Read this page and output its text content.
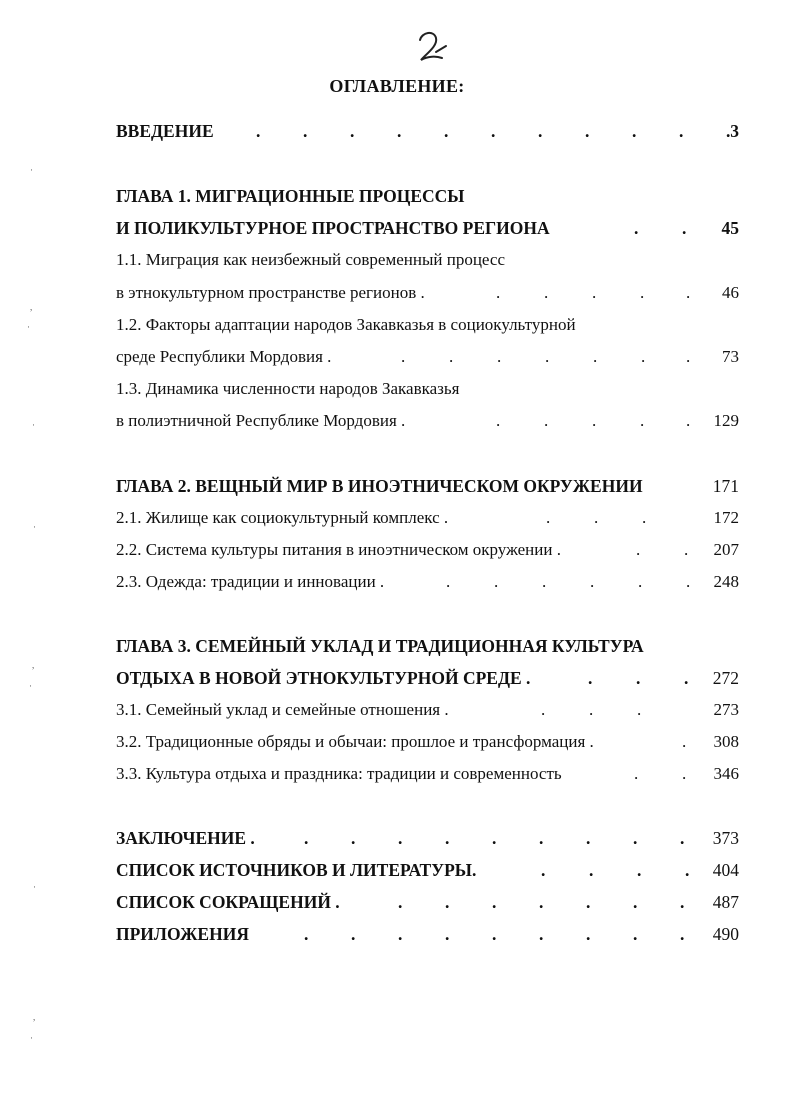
ОГЛАВЛЕНИЕ:
ВВЕДЕНИЕ . . . . . . . . . . . 3
ГЛАВА 1. МИГРАЦИОННЫЕ ПРОЦЕССЫ
И ПОЛИКУЛЬТУРНОЕ ПРОСТРАНСТВО РЕГИОНА	. . 45
1.1. Миграция как неизбежный современный процесс
в этнокультурном пространстве регионов .	.	.	.	. . 46
1.2. Факторы адаптации народов Закавказья в социокультурной
среде Республики Мордовия .	.	.	.	.	.	. . 73
1.3. Динамика численности народов Закавказья
в полиэтничной Республике Мордовия .	.	.	.	. . 129
ГЛАВА 2. ВЕЩНЫЙ МИР В ИНОЭТНИЧЕСКОМ ОКРУЖЕНИИ	171
2.1. Жилище как социокультурный комплекс .	.	.	.	172
2.2. Система культуры питания в иноэтническом окружении .	.	. 207
2.3. Одежда: традиции и инновации .	.	.	.	.	.	. 248
ГЛАВА 3. СЕМЕЙНЫЙ УКЛАД И ТРАДИЦИОННАЯ КУЛЬТУРА
ОТДЫХА В НОВОЙ ЭТНОКУЛЬТУРНОЙ СРЕДЕ .	. . . 272
3.1. Семейный уклад и семейные отношения .	.	.	.	273
3.2. Традиционные обряды и обычаи: прошлое и трансформация .	. 308
3.3. Культура отдыха и праздника: традиции и современность	.	. 346
ЗАКЛЮЧЕНИЕ .	. . . . . . . . . 373
СПИСОК ИСТОЧНИКОВ И ЛИТЕРАТУРЫ.	. . . . 404
СПИСОК СОКРАЩЕНИЙ .	. . . . . . . 487
ПРИЛОЖЕНИЯ	. . . . . . . . . 490
·
,
·
·
·
,
·
·
,
·
